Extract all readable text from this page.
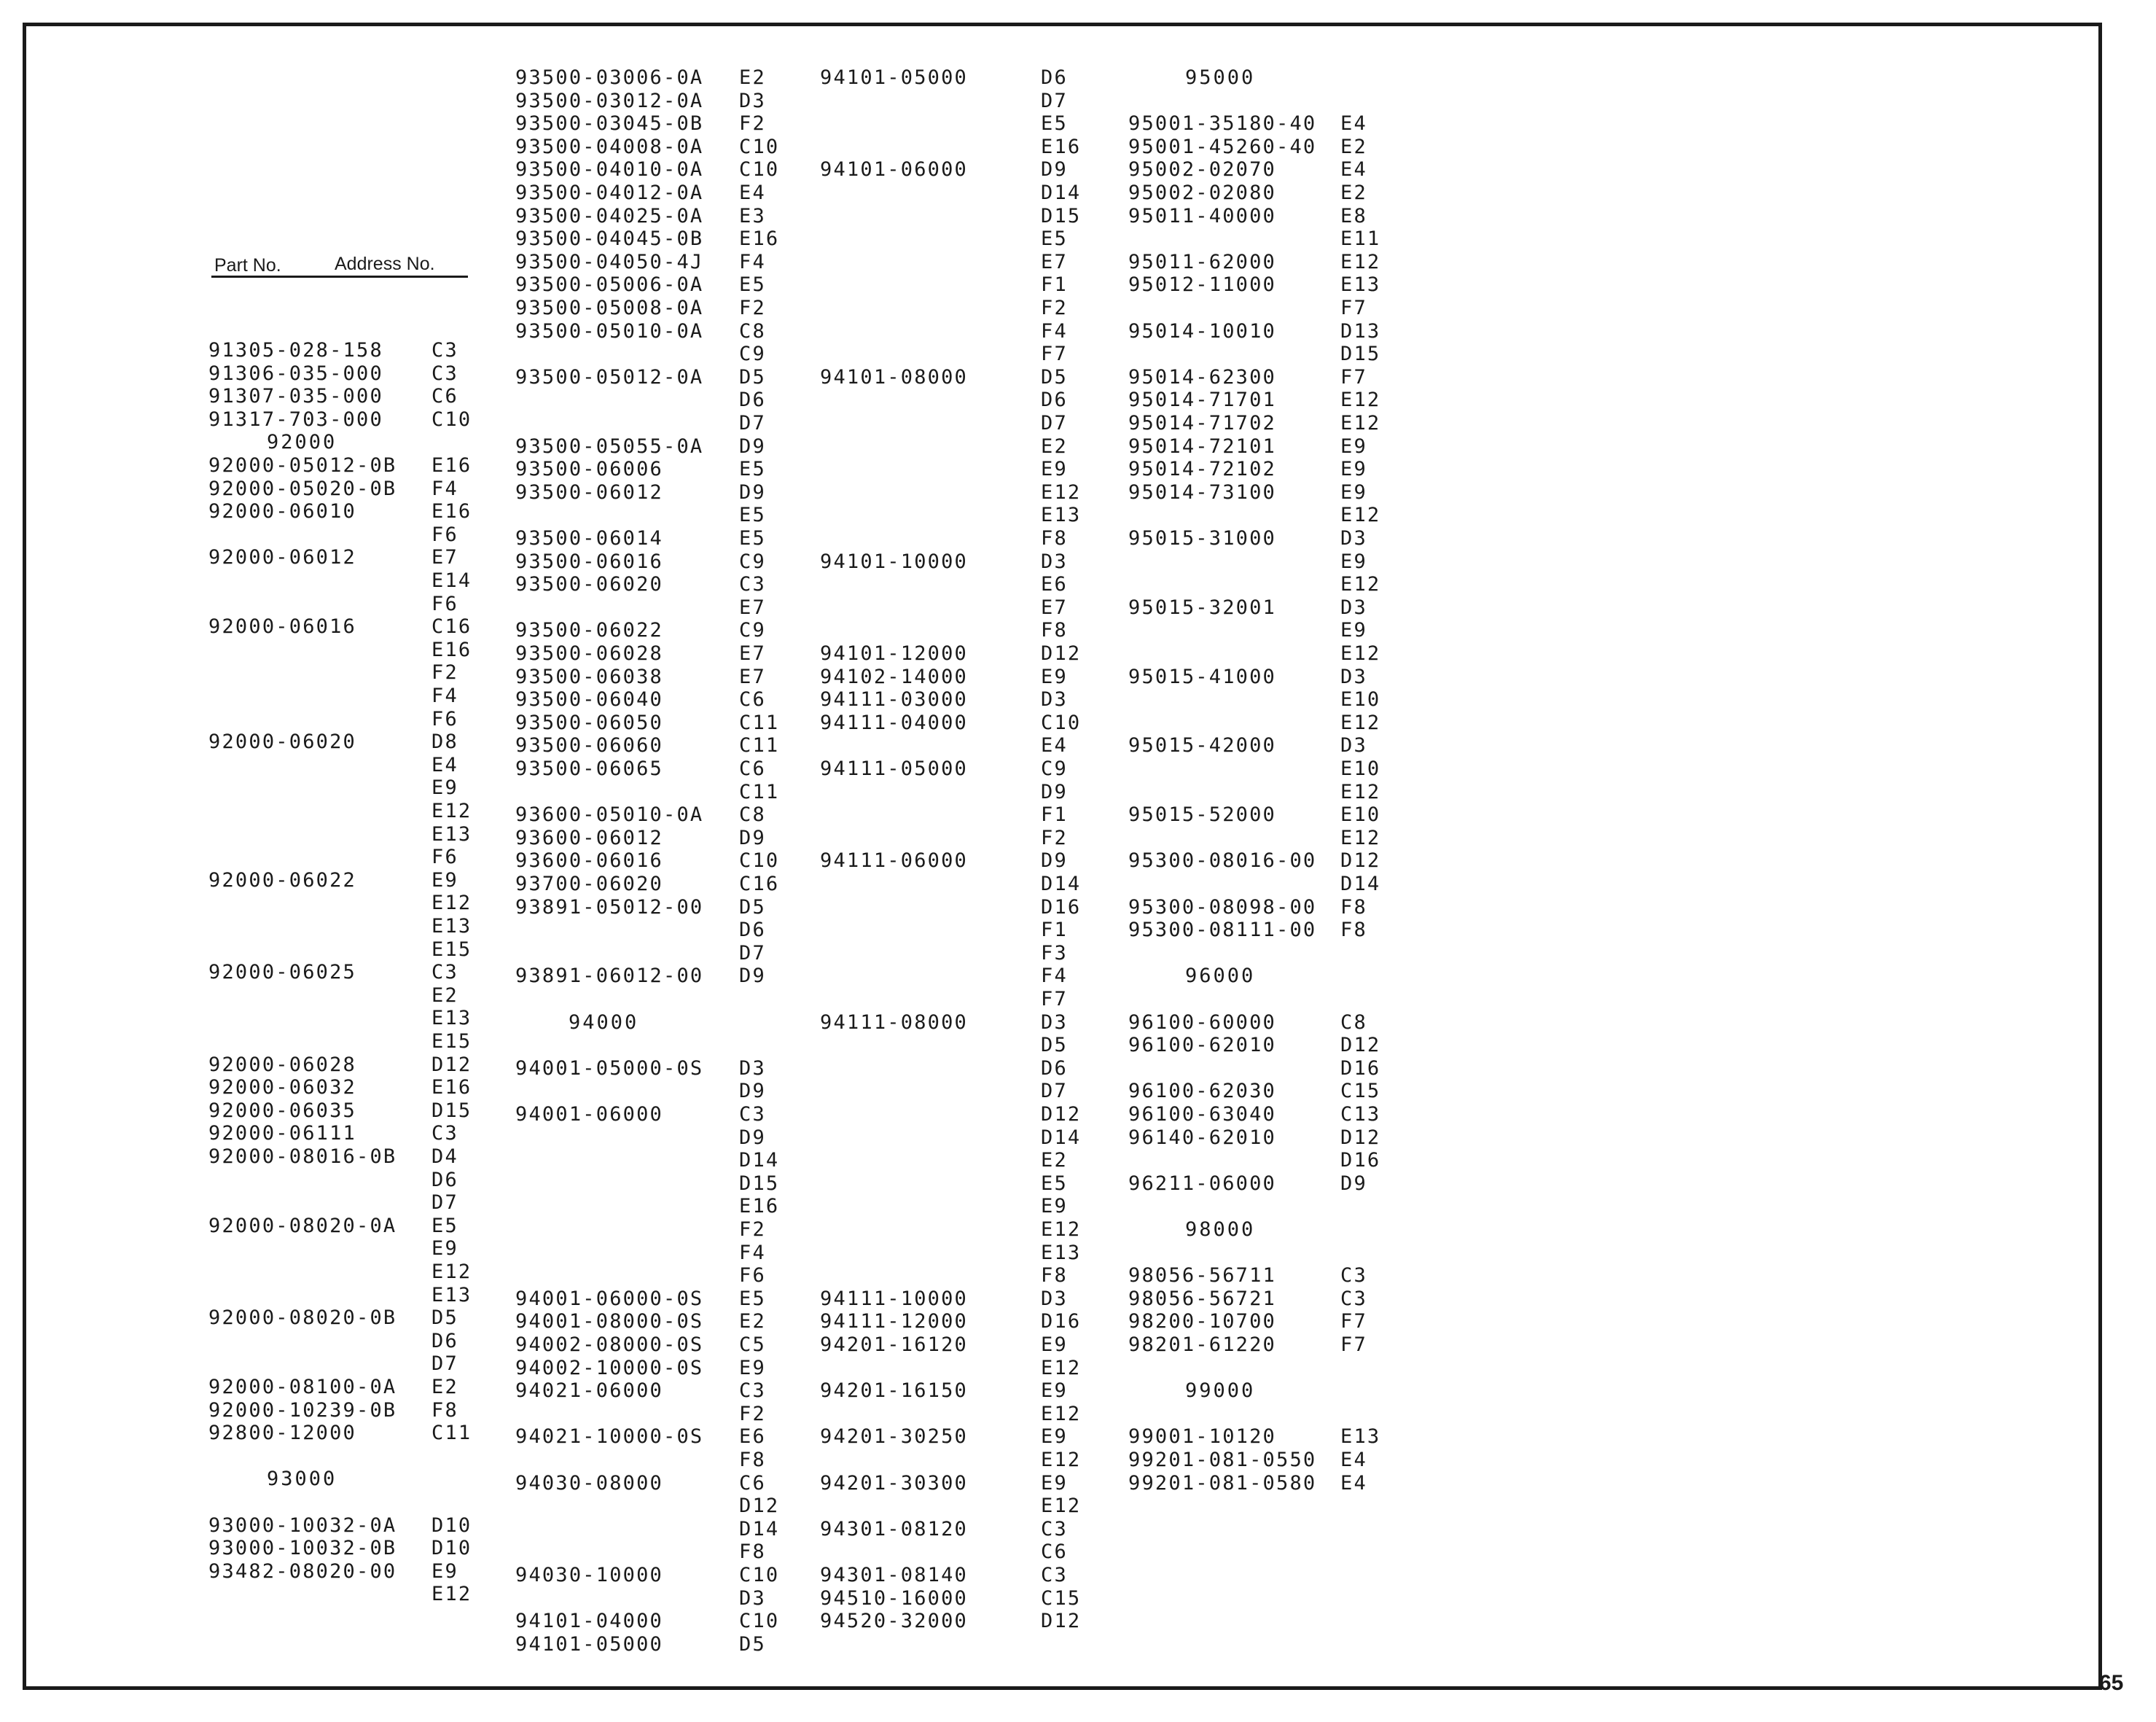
Part No.	Address No.
91305-028-158 C3
91306-035-000 C3
91307-035-000 C6
91317-703-000 C10
92000
92000-05012-0B E16
92000-05020-0B F4
92000-06010	E16
F6
92000-06012	E7
E14
F6
92000-06016	C16
E16
F2
F4
F6
92000-06020	D8
E4
E9
E12
E13
F6
92000-06022	E9
E12
E13
E15
92000-06025	C3
E2
E13
E15
92000-06028	D12
92000-06032	E16
92000-06035	D15
92000-06111	C3
92000-08016-0B D4
D6
D7
92000-08020-0A E5
E9
E12
E13
92000-08020-0B D5
D6
D7
92000-08100-0A E2
92000-10239-0B F8
92800-12000	C11
93000
93000-10032-0A D10
93000-10032-0B D10
93482-08020-00 E9
E12
93500-03006-0A E2
93500-03012-0A D3
93500-03045-0B F2
93500-04008-0A C10
93500-04010-0A C10
93500-04012-0A E4
93500-04025-0A E3
93500-04045-0B E16
93500-04050-4J F4
93500-05006-0A E5
93500-05008-0A F2
93500-05010-0A C8
C9
93500-05012-0A D5
D6
D7
93500-05055-0A D9
93500-06006	E5
93500-06012	D9
E5
93500-06014	E5
93500-06016	C9
93500-06020	C3
E7
93500-06022	C9
93500-06028	E7
93500-06038	E7
93500-06040	C6
93500-06050	C11
93500-06060	C11
93500-06065	C6
C11
93600-05010-0A C8
93600-06012	D9
93600-06016	C10
93700-06020	C16
93891-05012-00 D5
D6
D7
93891-06012-00 D9
94000
94001-05000-0S D3
D9
94001-06000	C3
D9
D14
D15
E16
F2
F4
F6
94001-06000-0S E5
94001-08000-0S E2
94002-08000-0S C5
94002-10000-0S E9
94021-06000	C3
F2
94021-10000-0S E6
F8
94030-08000	C6
D12
D14
F8
94030-10000	C10
D3
94101-04000	C10
94101-05000	D5
94101-05000	D6
D7
E5
E16
94101-06000	D9
D14
D15
E5
E7
F1
F2
F4
F7
94101-08000	D5
D6
D7
E2
E9
E12
E13
F8
94101-10000	D3
E6
E7
F8
94101-12000	D12
94102-14000	E9
94111-03000	D3
94111-04000	C10
E4
94111-05000	C9
D9
F1
F2
94111-06000	D9
D14
D16
F1
F3
F4
F7
94111-08000	D3
D5
D6
D7
D12
D14
E2
E5
E9
E12
E13
F8
94111-10000	D3
94111-12000	D16
94201-16120	E9
E12
94201-16150	E9
E12
94201-30250	E9
E12
94201-30300	E9
E12
94301-08120	C3
C6
94301-08140	C3
94510-16000	C15
94520-32000	D12
95000
95001-35180-40 E4
95001-45260-40 E2
95002-02070	E4
95002-02080	E2
95011-40000	E8
E11
95011-62000	E12
95012-11000	E13
F7
95014-10010	D13
D15
95014-62300	F7
95014-71701	E12
95014-71702	E12
95014-72101	E9
95014-72102	E9
95014-73100	E9
E12
95015-31000	D3
E9
E12
95015-32001	D3
E9
E12
95015-41000	D3
E10
E12
95015-42000	D3
E10
E12
95015-52000	E10
E12
95300-08016-00 D12
D14
95300-08098-00 F8
95300-08111-00 F8
96000
96100-60000	C8
96100-62010	D12
D16
96100-62030	C15
96100-63040	C13
96140-62010	D12
D16
96211-06000	D9
98000
98056-56711	C3
98056-56721	C3
98200-10700	F7
98201-61220	F7
99000
99001-10120	E13
99201-081-0550 E4
99201-081-0580 E4
65
